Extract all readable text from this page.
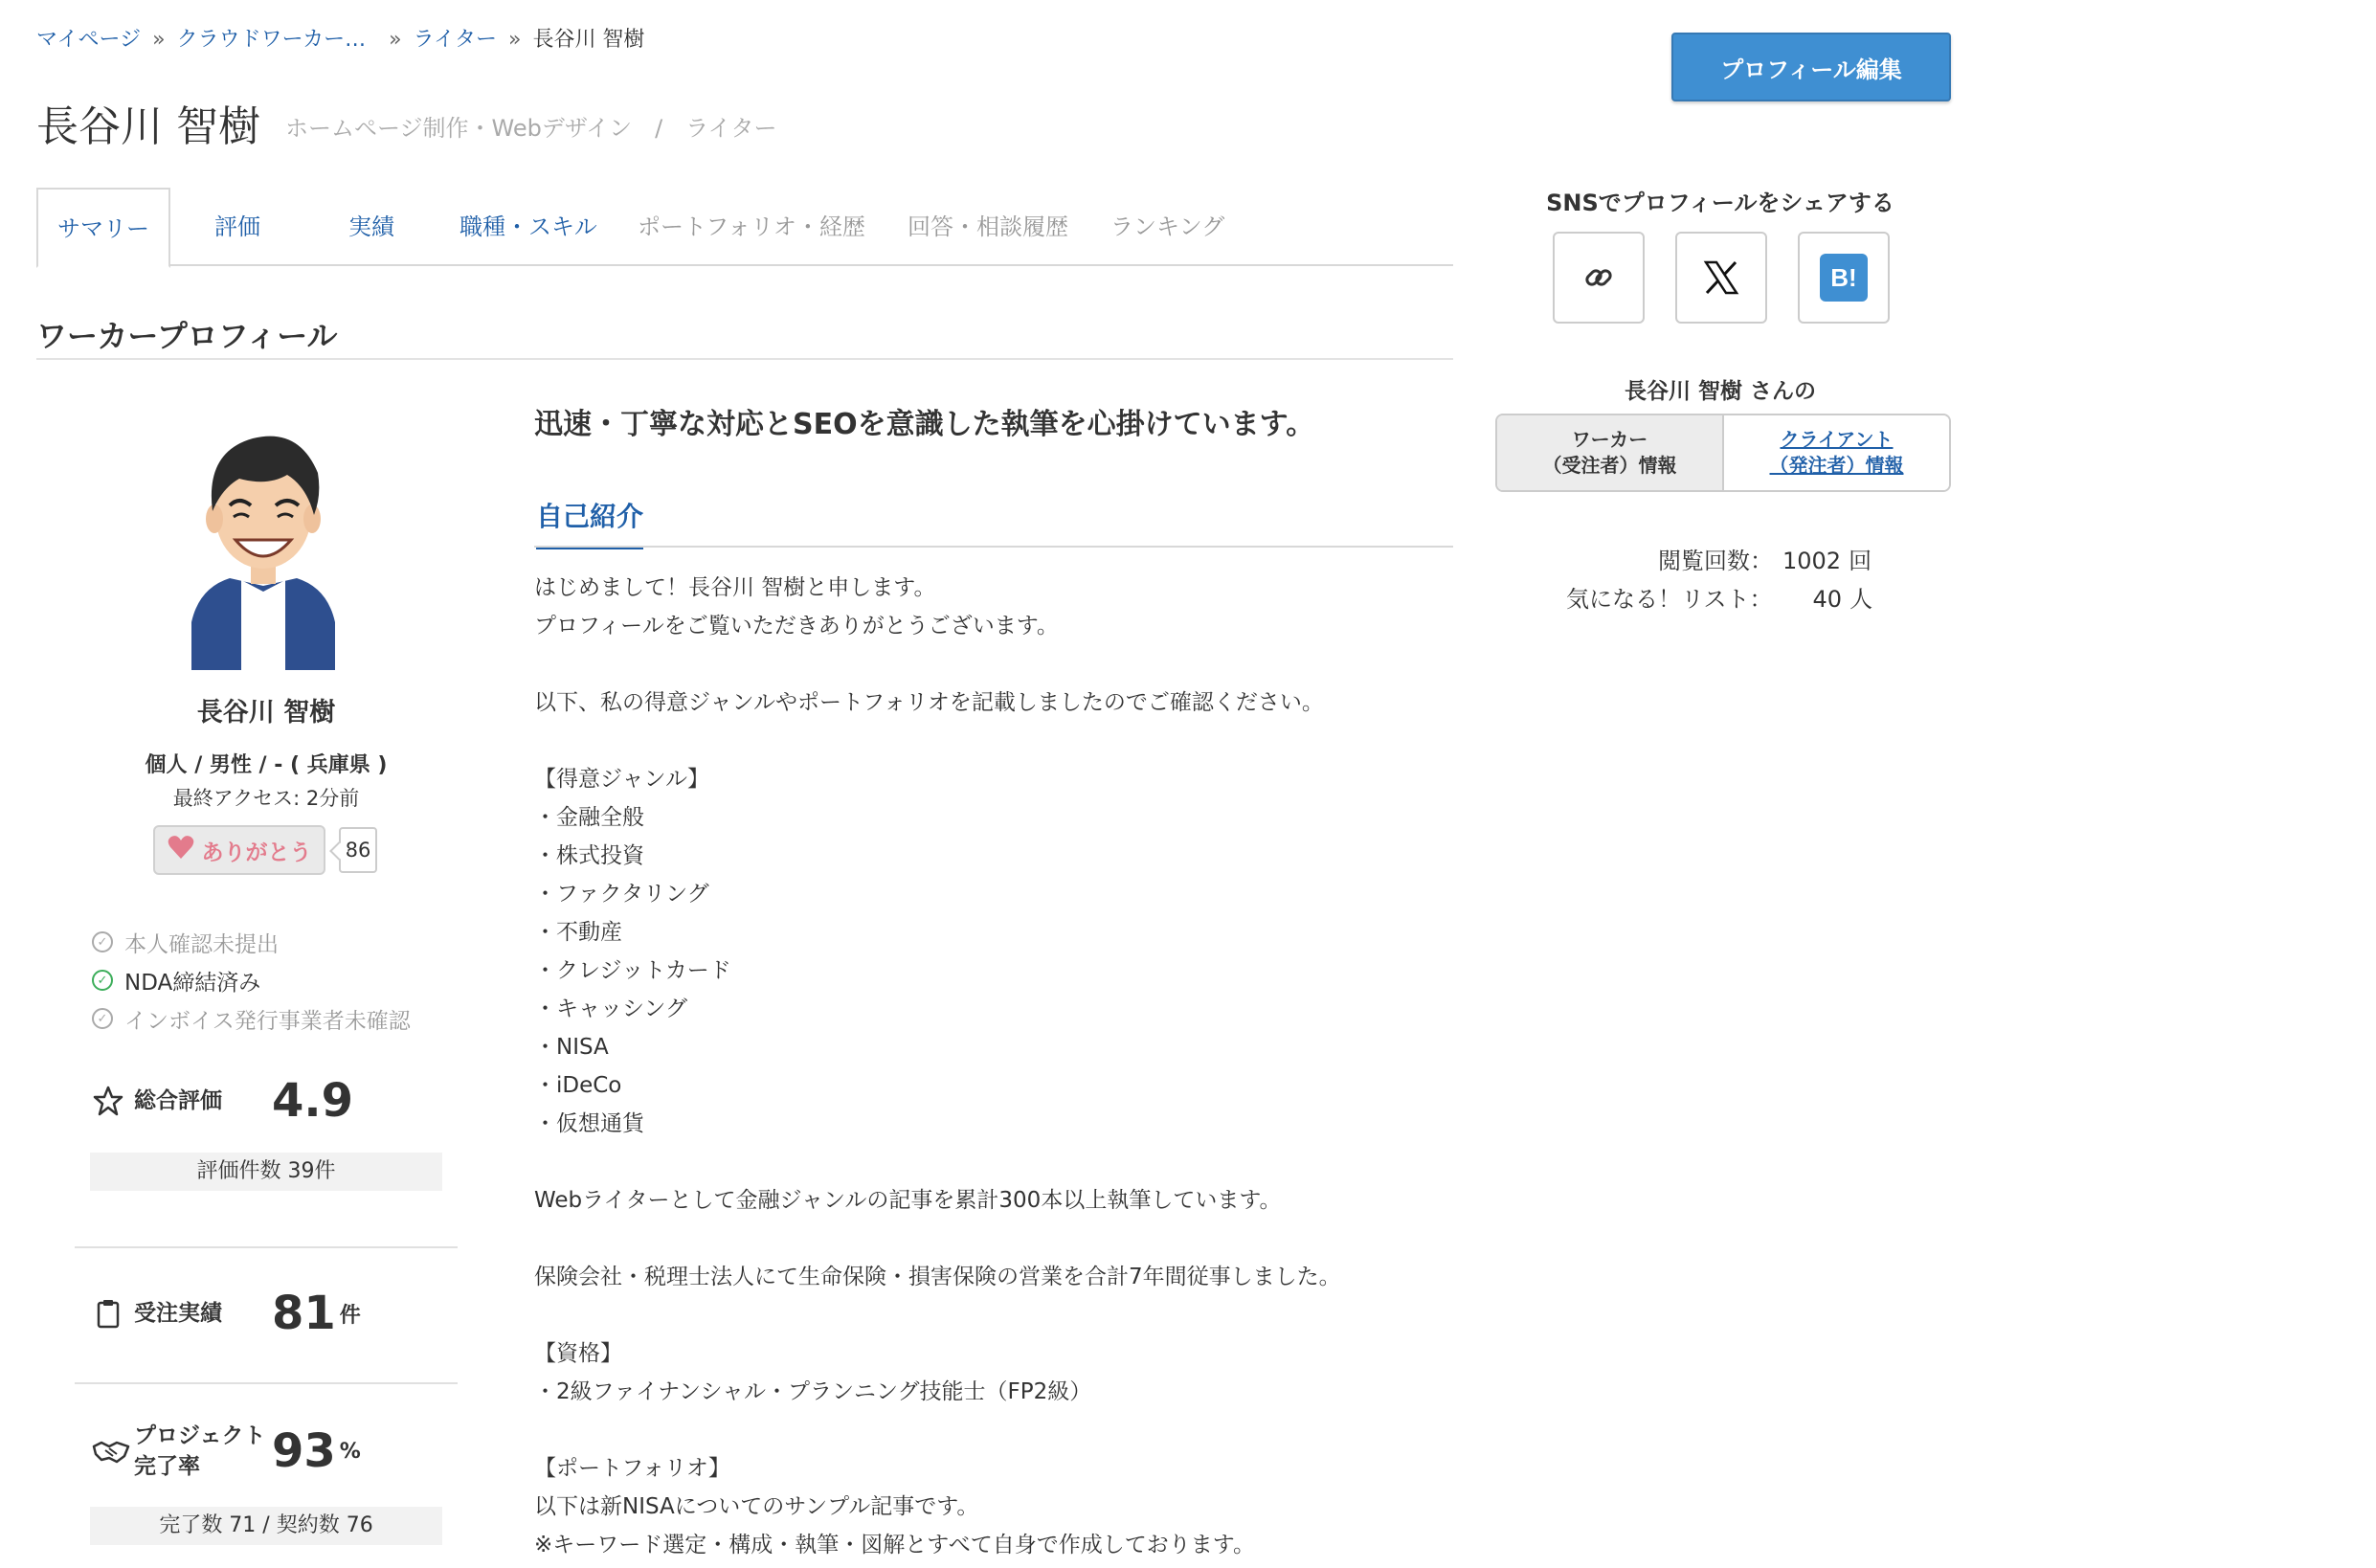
マイページ » クラウドワーカー… » ライター » 長谷川 智樹
長谷川 智樹 ホームページ制作・Webデザイン / ライター
サマリー	評価	実績	職種・スキル ポートフォリオ・経歴 回答・相談履歴 ランキング
ワーカープロフィール
長谷川 智樹
個人 / 男性 / - ( 兵庫県 )
最終アクセス: 2分前
ありがとう	86
✓ 本人確認未提出
✓ NDA締結済み
✓ インボイス発行事業者未確認
総合評価	4.9
評価件数 39件
受注実績	81 件
プロジェクト
完了率	93 %
完了数 71 / 契約数 76
迅速・丁寧な対応とSEOを意識した執筆を心掛けています。
自己紹介
はじめまして！長谷川 智樹と申します。
プロフィールをご覧いただきありがとうございます。
以下、私の得意ジャンルやポートフォリオを記載しましたのでご確認ください。
【得意ジャンル】
・金融全般
・株式投資
・ファクタリング
・不動産
・クレジットカード
・キャッシング
・NISA
・iDeCo
・仮想通貨
Webライターとして金融ジャンルの記事を累計300本以上執筆しています。
保険会社・税理士法人にて生命保険・損害保険の営業を合計7年間従事しました。
【資格】
・2級ファイナンシャル・プランニング技能士（FP2級）
【ポートフォリオ】
以下は新NISAについてのサンプル記事です。
※キーワード選定・構成・執筆・図解とすべて自身で作成しております。
プロフィール編集
SNSでプロフィールをシェアする
B!
長谷川 智樹 さんの
ワーカー
（受注者）情報
クライアント
（発注者）情報
閲覧回数： 1002 回
気になる！リスト： 40 人
